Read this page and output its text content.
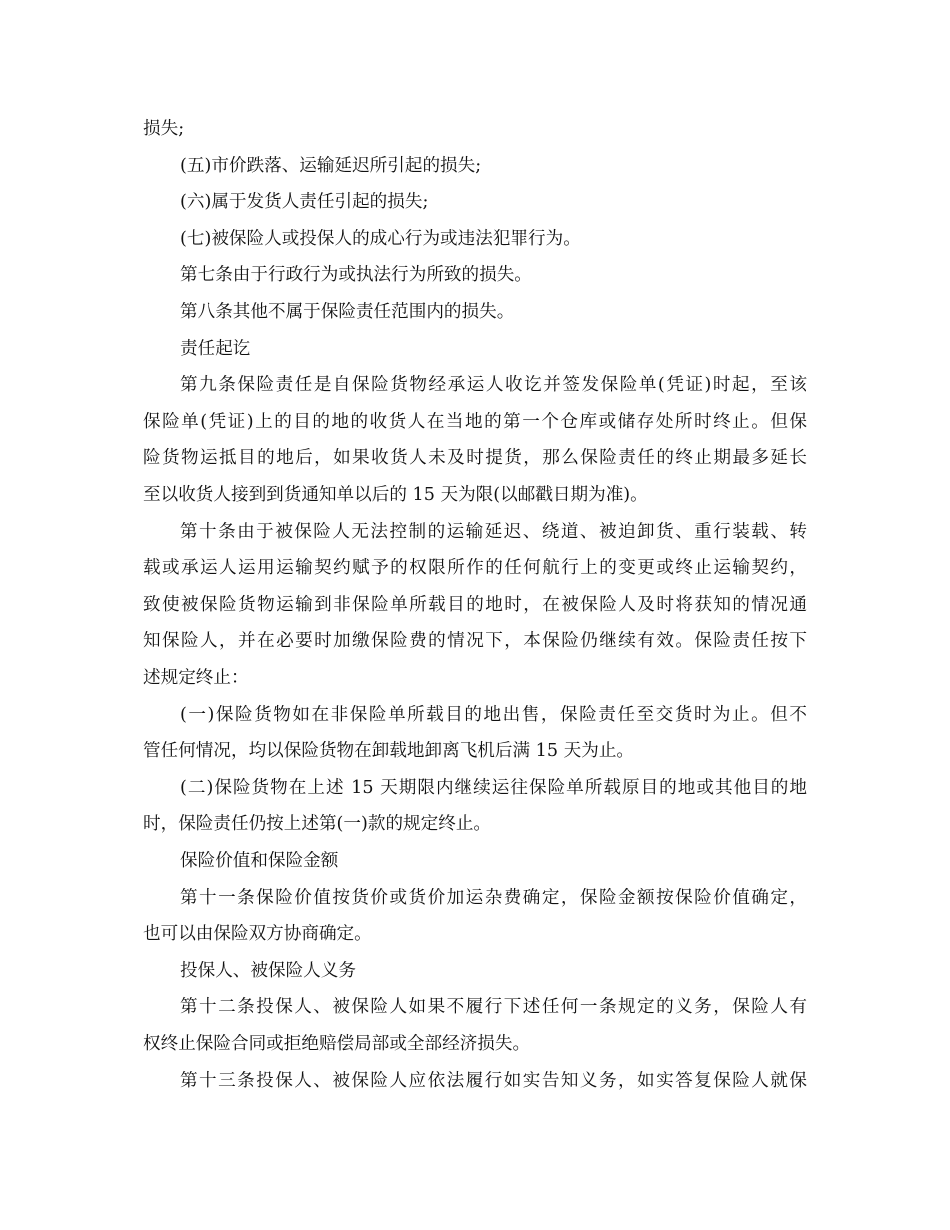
损失;
(五)市价跌落、运输延迟所引起的损失;
(六)属于发货人责任引起的损失;
(七)被保险人或投保人的成心行为或违法犯罪行为。
第七条由于行政行为或执法行为所致的损失。
第八条其他不属于保险责任范围内的损失。
责任起讫
第九条保险责任是自保险货物经承运人收讫并签发保险单(凭证)时起，至该
保险单(凭证)上的目的地的收货人在当地的第一个仓库或储存处所时终止。但保
险货物运抵目的地后，如果收货人未及时提货，那么保险责任的终止期最多延长
至以收货人接到到货通知单以后的 15 天为限(以邮戳日期为准)。
第十条由于被保险人无法控制的运输延迟、绕道、被迫卸货、重行装载、转
载或承运人运用运输契约赋予的权限所作的任何航行上的变更或终止运输契约，
致使被保险货物运输到非保险单所载目的地时，在被保险人及时将获知的情况通
知保险人，并在必要时加缴保险费的情况下，本保险仍继续有效。保险责任按下
述规定终止：
(一)保险货物如在非保险单所载目的地出售，保险责任至交货时为止。但不
管任何情况，均以保险货物在卸载地卸离飞机后满 15 天为止。
(二)保险货物在上述 15 天期限内继续运往保险单所载原目的地或其他目的地
时，保险责任仍按上述第(一)款的规定终止。
保险价值和保险金额
第十一条保险价值按货价或货价加运杂费确定，保险金额按保险价值确定，
也可以由保险双方协商确定。
投保人、被保险人义务
第十二条投保人、被保险人如果不履行下述任何一条规定的义务，保险人有
权终止保险合同或拒绝赔偿局部或全部经济损失。
第十三条投保人、被保险人应依法履行如实告知义务，如实答复保险人就保
